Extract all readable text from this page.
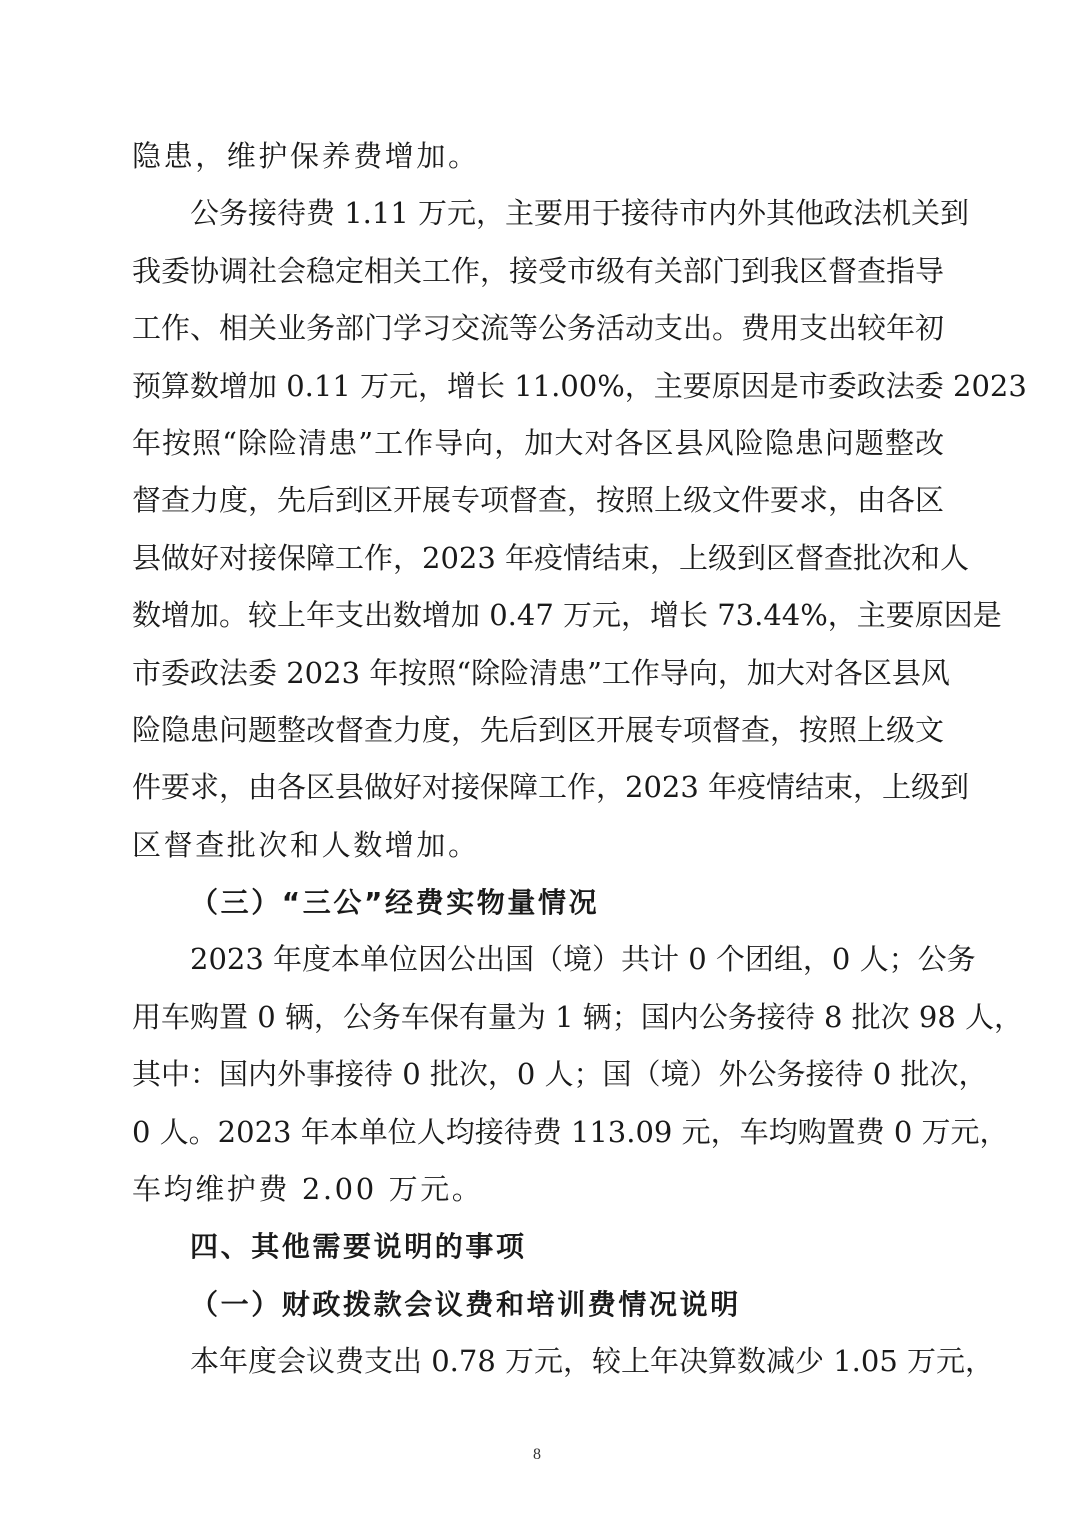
隐患，维护保养费增加。
公务接待费 1.11 万元，主要用于接待市内外其他政法机关到
我委协调社会稳定相关工作，接受市级有关部门到我区督查指导
工作、相关业务部门学习交流等公务活动支出。费用支出较年初
预算数增加 0.11 万元，增长 11.00%，主要原因是市委政法委 2023
年按照“除险清患”工作导向，加大对各区县风险隐患问题整改
督查力度，先后到区开展专项督查，按照上级文件要求，由各区
县做好对接保障工作，2023 年疫情结束，上级到区督查批次和人
数增加。较上年支出数增加 0.47 万元，增长 73.44%，主要原因是
市委政法委 2023 年按照“除险清患”工作导向，加大对各区县风
险隐患问题整改督查力度，先后到区开展专项督查，按照上级文
件要求，由各区县做好对接保障工作，2023 年疫情结束，上级到
区督查批次和人数增加。
（三）“三公”经费实物量情况
2023 年度本单位因公出国（境）共计 0 个团组，0 人；公务
用车购置 0 辆，公务车保有量为 1 辆；国内公务接待 8 批次 98 人，
其中：国内外事接待 0 批次，0 人；国（境）外公务接待 0 批次，
0 人。2023 年本单位人均接待费 113.09 元，车均购置费 0 万元，
车均维护费 2.00 万元。
四、其他需要说明的事项
（一）财政拨款会议费和培训费情况说明
本年度会议费支出 0.78 万元，较上年决算数减少 1.05 万元，
8
